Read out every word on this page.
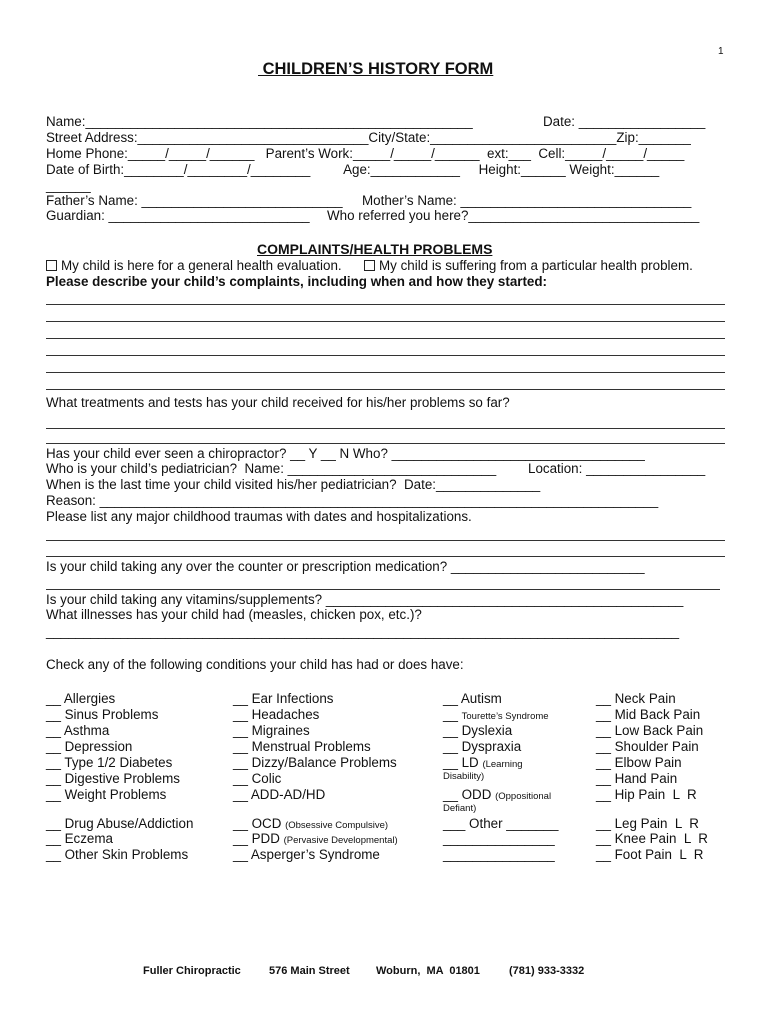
1
CHILDREN’S HISTORY FORM
Name:____________________________________________________	Date: _________________
Street Address:_______________________________City/State:_________________________Zip:_______
Home Phone:_____/_____/______   Parent’s Work:_____/_____/______  ext:___  Cell:_____/_____/_____
Date of Birth:________/________/________         Age:____________     Height:______ Weight:______
______
Father’s Name: ___________________________ Mother’s Name: _______________________________
Guardian: ___________________________ Who referred you here?_______________________________
COMPLAINTS/HEALTH PROBLEMS
My child is here for a general health evaluation.	My child is suffering from a particular health problem.
Please describe your child’s complaints, including when and how they started:
What treatments and tests has your child received for his/her problems so far?
Has your child ever seen a chiropractor? __ Y __ N Who? __________________________________
Who is your child’s pediatrician?  Name: ____________________________ Location: ________________
When is the last time your child visited his/her pediatrician?  Date:______________
Reason: ___________________________________________________________________________
Please list any major childhood traumas with dates and hospitalizations.
Is your child taking any over the counter or prescription medication? __________________________
Is your child taking any vitamins/supplements? ________________________________________________
What illnesses has your child had (measles, chicken pox, etc.)?
_____________________________________________________________________________________
Check any of the following conditions your child has had or does have:
__ Allergies
__ Sinus Problems
__ Asthma
__ Depression
__ Type 1/2 Diabetes
__ Digestive Problems
__ Weight Problems
__ Drug Abuse/Addiction
__ Eczema
__ Other Skin Problems
__ Ear Infections
__ Headaches
__ Migraines
__ Menstrual Problems
__ Dizzy/Balance Problems
__ Colic
__ ADD-AD/HD
__ OCD (Obsessive Compulsive)
__ PDD (Pervasive Developmental)
__ Asperger’s Syndrome
__ Autism
__ Tourette’s Syndrome
__ Dyslexia
__ Dyspraxia
__ LD (Learning
Disability)
__ ODD (Oppositional
Defiant)
___ Other _______
_______________
_______________
__ Neck Pain
__ Mid Back Pain
__ Low Back Pain
__ Shoulder Pain
__ Elbow Pain
__ Hand Pain
__ Hip Pain  L  R
__ Leg Pain  L  R
__ Knee Pain  L  R
__ Foot Pain  L  R
Fuller Chiropractic	576 Main Street Woburn,  MA  01801	(781) 933-3332
